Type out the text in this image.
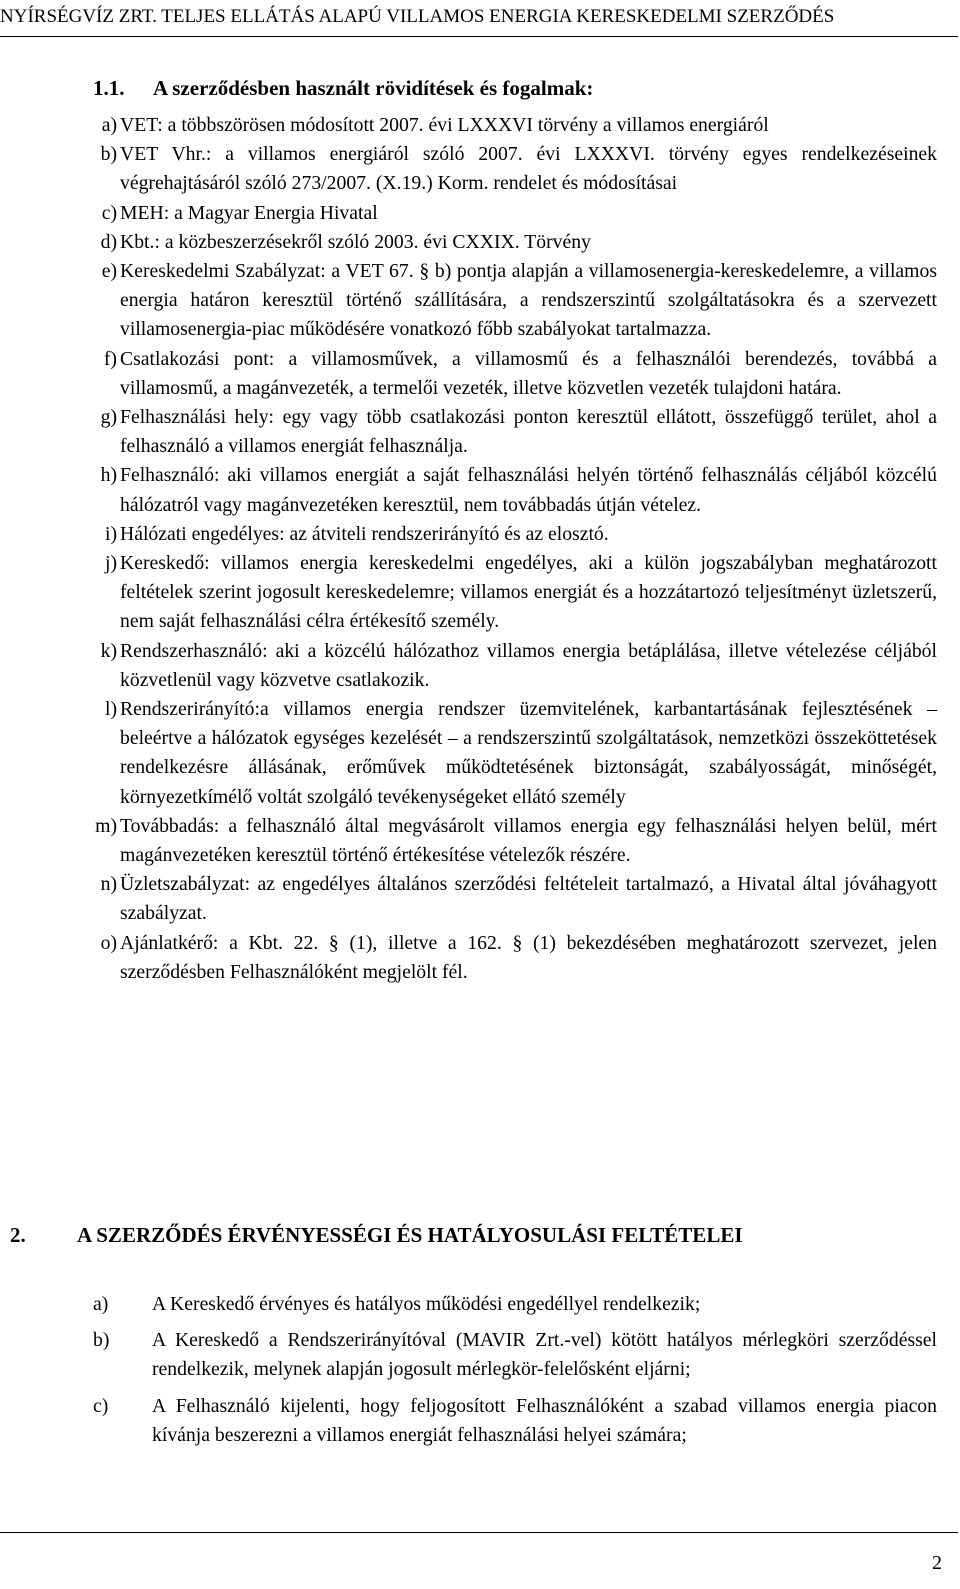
NYÍRSÉGVÍZ ZRT. TELJES ELLÁTÁS ALAPÚ VILLAMOS ENERGIA KERESKEDELMI SZERZŐDÉS
1.1. A szerződésben használt rövidítések és fogalmak:
a) VET: a többszörösen módosított 2007. évi LXXXVI törvény a villamos energiáról
b) VET Vhr.: a villamos energiáról szóló 2007. évi LXXXVI. törvény egyes rendelkezéseinek végrehajtásáról szóló 273/2007. (X.19.) Korm. rendelet és módosításai
c) MEH: a Magyar Energia Hivatal
d) Kbt.: a közbeszerzésekről szóló 2003. évi CXXIX. Törvény
e) Kereskedelmi Szabályzat: a VET 67. § b) pontja alapján a villamosenergia-kereskedelemre, a villamos energia határon keresztül történő szállítására, a rendszerszintű szolgáltatásokra és a szervezett villamosenergia-piac működésére vonatkozó főbb szabályokat tartalmazza.
f) Csatlakozási pont: a villamosművek, a villamosmű és a felhasználói berendezés, továbbá a villamosmű, a magánvezeték, a termelői vezeték, illetve közvetlen vezeték tulajdoni határa.
g) Felhasználási hely: egy vagy több csatlakozási ponton keresztül ellátott, összefüggő terület, ahol a felhasználó a villamos energiát felhasználja.
h) Felhasználó: aki villamos energiát a saját felhasználási helyén történő felhasználás céljából közcélú hálózatról vagy magánvezetéken keresztül, nem továbbadás útján vételez.
i) Hálózati engedélyes: az átviteli rendszerirányító és az elosztó.
j) Kereskedő: villamos energia kereskedelmi engedélyes, aki a külön jogszabályban meghatározott feltételek szerint jogosult kereskedelemre; villamos energiát és a hozzátartozó teljesítményt üzletszerű, nem saját felhasználási célra értékesítő személy.
k) Rendszerhasználó: aki a közcélú hálózathoz villamos energia betáplálása, illetve vételezése céljából közvetlenül vagy közvetve csatlakozik.
l) Rendszerirányító:a villamos energia rendszer üzemvitelének, karbantartásának fejlesztésének – beleértve a hálózatok egységes kezelését – a rendszerszintű szolgáltatások, nemzetközi összeköttetések rendelkezésre állásának, erőművek működtetésének biztonságát, szabályosságát, minőségét, környezetkímélő voltát szolgáló tevékenységeket ellátó személy
m) Továbbadás: a felhasználó által megvásárolt villamos energia egy felhasználási helyen belül, mért magánvezetéken keresztül történő értékesítése vételezők részére.
n) Üzletszabályzat: az engedélyes általános szerződési feltételeit tartalmazó, a Hivatal által jóváhagyott szabályzat.
o) Ajánlatkérő: a Kbt. 22. § (1), illetve a 162. § (1) bekezdésében meghatározott szervezet, jelen szerződésben Felhasználóként megjelölt fél.
2. A SZERZŐDÉS ÉRVÉNYESSÉGI ÉS HATÁLYOSULÁSI FELTÉTELEI
a)	A Kereskedő érvényes és hatályos működési engedéllyel rendelkezik;
b)	A Kereskedő a Rendszerirányítóval (MAVIR Zrt.-vel) kötött hatályos mérlegköri szerződéssel rendelkezik, melynek alapján jogosult mérlegkör-felelősként eljárni;
c)	A Felhasználó kijelenti, hogy feljogosított Felhasználóként a szabad villamos energia piacon kívánja beszerezni a villamos energiát felhasználási helyei számára;
2
